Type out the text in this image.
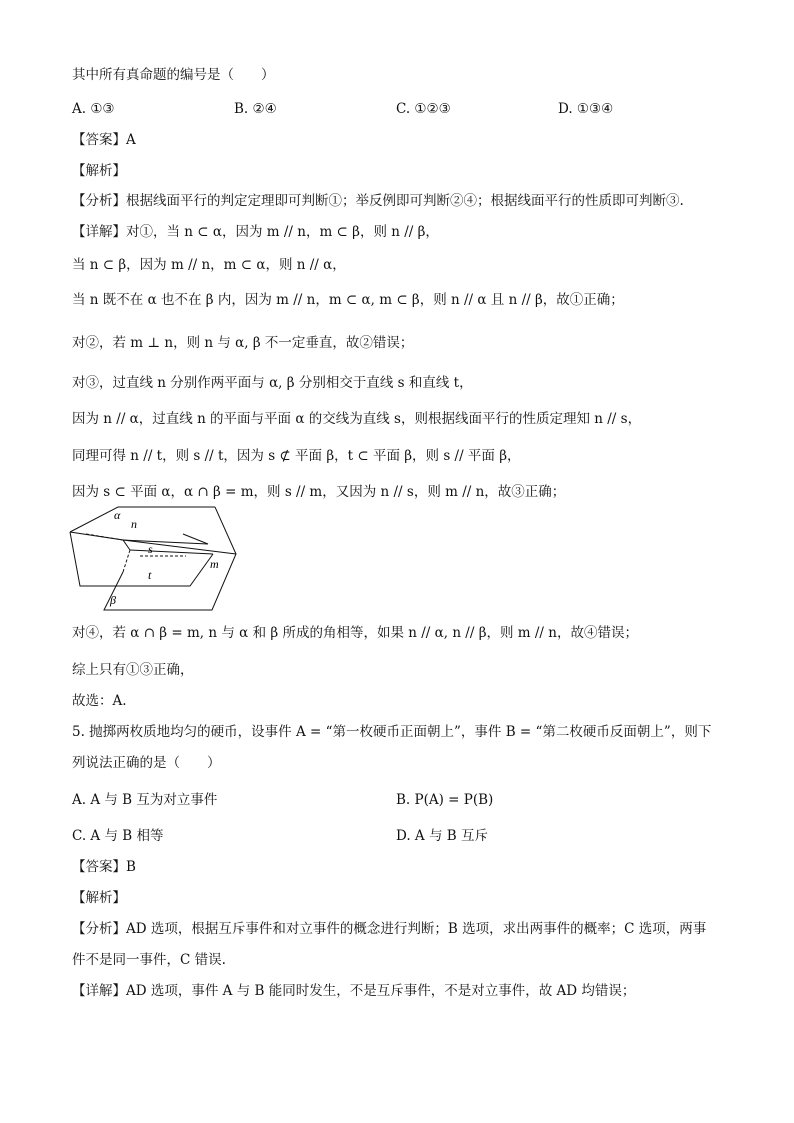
其中所有真命题的编号是（　　）
A. ①③	B. ②④	C. ①②③	D. ①③④
【答案】A
【解析】
【分析】根据线面平行的判定定理即可判断①；举反例即可判断②④；根据线面平行的性质即可判断③.
【详解】对①，当 n ⊂ α，因为 m // n，m ⊂ β，则 n // β，
当 n ⊂ β，因为 m // n，m ⊂ α，则 n // α，
当 n 既不在 α 也不在 β 内，因为 m // n，m ⊂ α, m ⊂ β，则 n // α 且 n // β，故①正确；
对②，若 m ⊥ n，则 n 与 α, β 不一定垂直，故②错误；
对③，过直线 n 分别作两平面与 α, β 分别相交于直线 s 和直线 t，
因为 n // α，过直线 n 的平面与平面 α 的交线为直线 s，则根据线面平行的性质定理知 n // s，
同理可得 n // t，则 s // t，因为 s ⊄ 平面 β，t ⊂ 平面 β，则 s // 平面 β，
因为 s ⊂ 平面 α，α ∩ β = m，则 s // m，又因为 n // s，则 m // n，故③正确；
α
n
s
m
t
β
对④，若 α ∩ β = m, n 与 α 和 β 所成的角相等，如果 n // α, n // β，则 m // n，故④错误；
综上只有①③正确，
故选：A.
5. 抛掷两枚质地均匀的硬币，设事件 A = “第一枚硬币正面朝上”，事件 B = “第二枚硬币反面朝上”，则下
列说法正确的是（　　）
A. A 与 B 互为对立事件	B. P(A) = P(B)
C. A 与 B 相等	D. A 与 B 互斥
【答案】B
【解析】
【分析】AD 选项，根据互斥事件和对立事件的概念进行判断；B 选项，求出两事件的概率；C 选项，两事
件不是同一事件，C 错误.
【详解】AD 选项，事件 A 与 B 能同时发生，不是互斥事件，不是对立事件，故 AD 均错误；
